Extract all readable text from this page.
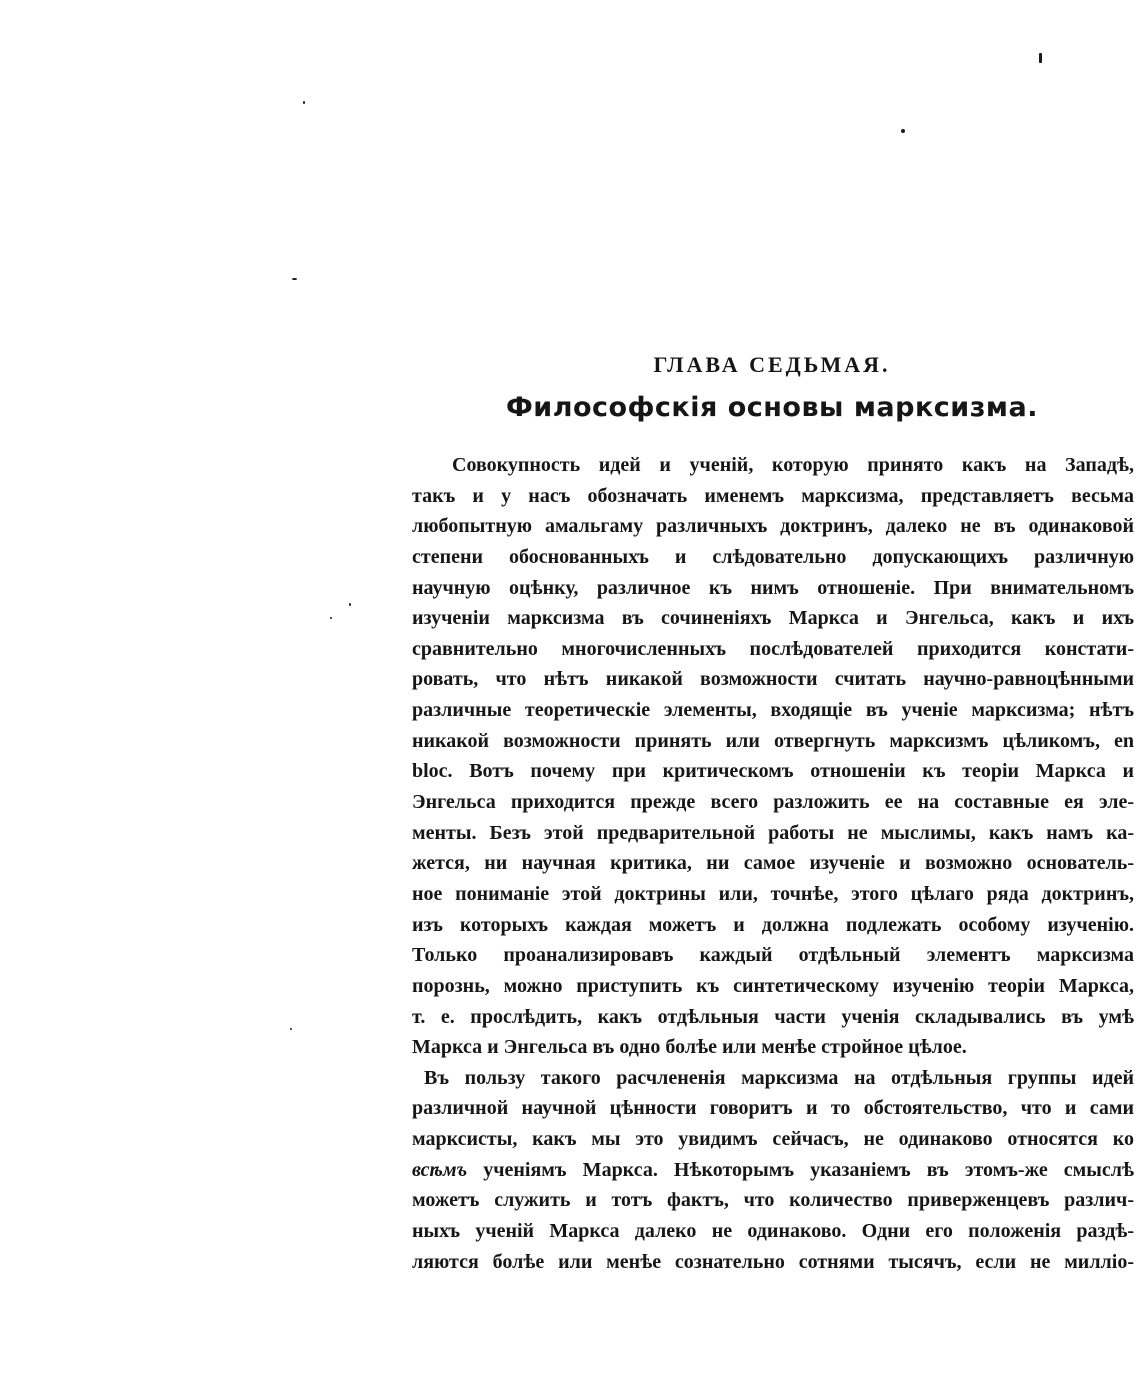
ГЛАВА СЕДЬМАЯ.
Философскія основы марксизма.
Совокупность идей и ученій, которую принято какъ на Западѣ,
такъ и у насъ обозначать именемъ марксизма, представляетъ весьма
любопытную амальгаму различныхъ доктринъ, далеко не въ одинаковой
степени обоснованныхъ и слѣдовательно допускающихъ различную
научную оцѣнку, различное къ нимъ отношеніе. При внимательномъ
изученіи марксизма въ сочиненіяхъ Маркса и Энгельса, какъ и ихъ
сравнительно многочисленныхъ послѣдователей приходится констати-
ровать, что нѣтъ никакой возможности считать научно-равноцѣнными
различные теоретическіе элементы, входящіе въ ученіе марксизма; нѣтъ
никакой возможности принять или отвергнуть марксизмъ цѣликомъ, en
bloc. Вотъ почему при критическомъ отношеніи къ теоріи Маркса и
Энгельса приходится прежде всего разложить ее на составные ея эле-
менты. Безъ этой предварительной работы не мыслимы, какъ намъ ка-
жется, ни научная критика, ни самое изученіе и возможно основатель-
ное пониманіе этой доктрины или, точнѣе, этого цѣлаго ряда доктринъ,
изъ которыхъ каждая можетъ и должна подлежать особому изученію.
Только проанализировавъ каждый отдѣльный элементъ марксизма
порознь, можно приступить къ синтетическому изученію теоріи Маркса,
т. е. прослѣдить, какъ отдѣльныя части ученія складывались въ умѣ
Маркса и Энгельса въ одно болѣе или менѣе стройное цѣлое.
Въ пользу такого расчлененія марксизма на отдѣльныя группы идей
различной научной цѣнности говоритъ и то обстоятельство, что и сами
марксисты, какъ мы это увидимъ сейчасъ, не одинаково относятся ко
всѣмъ ученіямъ Маркса. Нѣкоторымъ указаніемъ въ этомъ-же смыслѣ
можетъ служить и тотъ фактъ, что количество приверженцевъ различ-
ныхъ ученій Маркса далеко не одинаково. Одни его положенія раздѣ-
ляются болѣе или менѣе сознательно сотнями тысячъ, если не милліо-
